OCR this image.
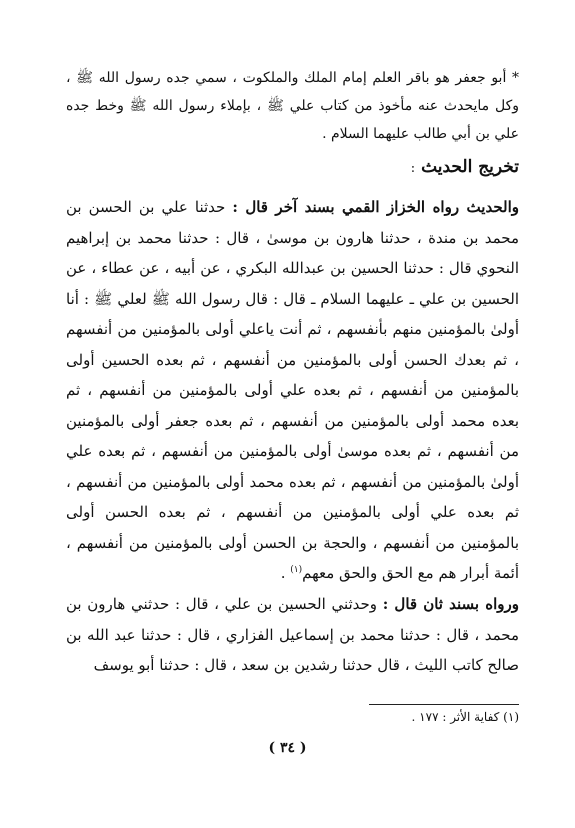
* أبو جعفر هو باقر العلم إمام الملك والملكوت ، سمي جده رسول الله ﷺ ، وكل مايحدث عنه مأخوذ من كتاب علي ﷺ ، بإملاء رسول الله ﷺ وخط جده علي بن أبي طالب عليهما السلام .
تخريج الحديث :
والحديث رواه الخزاز القمي بسند آخر قال : حدثنا علي بن الحسن بن محمد بن مندة ، حدثنا هارون بن موسىٰ ، قال : حدثنا محمد بن إبراهيم النحوي قال : حدثنا الحسين بن عبدالله البكري ، عن أبيه ، عن عطاء ، عن الحسين بن علي ـ عليهما السلام ـ قال : قال رسول الله ﷺ لعلي ﷺ : أنا أولىٰ بالمؤمنين منهم بأنفسهم ، ثم أنت ياعلي أولى بالمؤمنين من أنفسهم ، ثم بعدك الحسن أولى بالمؤمنين من أنفسهم ، ثم بعده الحسين أولى بالمؤمنين من أنفسهم ، ثم بعده علي أولى بالمؤمنين من أنفسهم ، ثم بعده محمد أولى بالمؤمنين من أنفسهم ، ثم بعده جعفر أولى بالمؤمنين من أنفسهم ، ثم بعده موسىٰ أولى بالمؤمنين من أنفسهم ، ثم بعده علي أولىٰ بالمؤمنين من أنفسهم ، ثم بعده محمد أولى بالمؤمنين من أنفسهم ، ثم بعده علي أولى بالمؤمنين من أنفسهم ، ثم بعده الحسن أولى بالمؤمنين من أنفسهم ، والحجة بن الحسن أولى بالمؤمنين من أنفسهم ، أئمة أبرار هم مع الحق والحق معهم$^{(١)}$ .
ورواه بسند ثان قال : وحدثني الحسين بن علي ، قال : حدثني هارون بن محمد ، قال : حدثنا محمد بن إسماعيل الفزاري ، قال : حدثنا عبد الله بن صالح كاتب الليث ، قال حدثنا رشدين بن سعد ، قال : حدثنا أبو يوسف
(١) كفاية الأثر : ١٧٧ .
( ٣٤ )
